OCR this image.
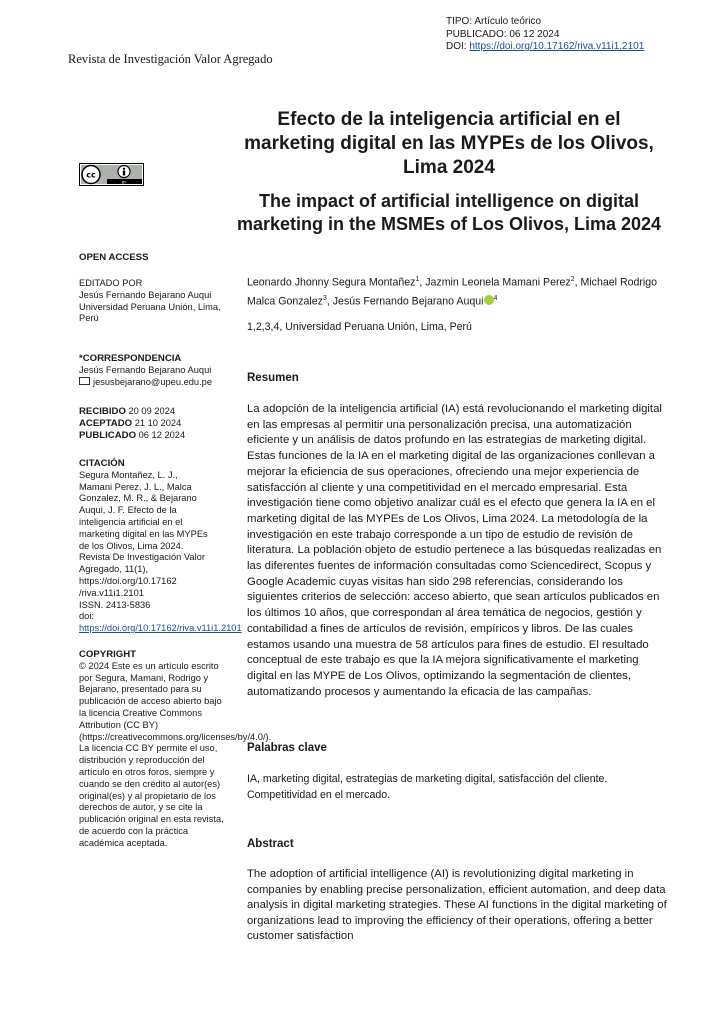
TIPO: Artículo teórico
PUBLICADO: 06 12 2024
DOI: https://doi.org/10.17162/riva.v11i1.2101
Revista de Investigación Valor Agregado
cc
BY
Efecto de la inteligencia artificial en el marketing digital en las MYPEs de los Olivos, Lima 2024
The impact of artificial intelligence on digital marketing in the MSMEs of Los Olivos, Lima 2024
Leonardo Jhonny Segura Montañez$^1$, Jazmin Leonela Mamani Perez$^2$, Michael Rodrigo Malca Gonzalez$^3$, Jesús Fernando Bejarano Auqui $^4$
1,2,3,4, Universidad Peruana Unión, Lima, Perú
Resumen
La adopción de la inteligencia artificial (IA) está revolucionando el marketing digital en las empresas al permitir una personalización precisa, una automatización eficiente y un análisis de datos profundo en las estrategias de marketing digital. Estas funciones de la IA en el marketing digital de las organizaciones conllevan a mejorar la eficiencia de sus operaciones, ofreciendo una mejor experiencia de satisfacción al cliente y una competitividad en el mercado empresarial. Esta investigación tiene como objetivo analizar cuál es el efecto que genera la IA en el marketing digital de las MYPEs de Los Olivos, Lima 2024. La metodología de la investigación en este trabajo corresponde a un tipo de estudio de revisión de literatura. La población objeto de estudio pertenece a las búsquedas realizadas en las diferentes fuentes de información consultadas como Sciencedirect, Scopus y Google Academic cuyas visitas han sido 298 referencias, considerando los siguientes criterios de selección: acceso abierto, que sean artículos publicados en los últimos 10 años, que correspondan al área temática de negocios, gestión y contabilidad a fines de artículos de revisión, empíricos y libros. De las cuales estamos usando una muestra de 58 artículos para fines de estudio. El resultado conceptual de este trabajo es que la IA mejora significativamente el marketing digital en las MYPE de Los Olivos, optimizando la segmentación de clientes, automatizando procesos y aumentando la eficacia de las campañas.
Palabras clave
IA, marketing digital, estrategias de marketing digital, satisfacción del cliente. Competitividad en el mercado.
Abstract
The adoption of artificial intelligence (AI) is revolutionizing digital marketing in companies by enabling precise personalization, efficient automation, and deep data analysis in digital marketing strategies. These AI functions in the digital marketing of organizations lead to improving the efficiency of their operations, offering a better customer satisfaction
OPEN ACCESS
EDITADO POR
Jesús Fernando Bejarano Auqui Universidad Peruana Unión, Lima, Perú
*CORRESPONDENCIA
Jesús Fernando Bejarano Auqui
jesusbejarano@upeu.edu.pe
RECIBIDO 20 09 2024
ACEPTADO 21 10 2024
PUBLICADO 06 12 2024
CITACIÓN
Segura Montañez, L. J., Mamani Perez, J. L., Malca Gonzalez, M. R., & Bejarano Auqui, J. F. Efecto de la inteligencia artificial en el marketing digital en las MYPEs de los Olivos, Lima 2024. Revista De Investigación Valor Agregado, 11(1), https://doi.org/10.17162 /riva.v11i1.2101
ISSN. 2413-5836
doi: https://doi.org/10.17162/riva.v11i1.2101
COPYRIGHT
© 2024 Este es un artículo escrito por Segura, Mamani, Rodrigo y Bejarano, presentado para su publicación de acceso abierto bajo la licencia Creative Commons Attribution (CC BY) (https://creativecommons.org/licenses/by/4.0/). La licencia CC BY permite el uso, distribución y reproducción del artículo en otros foros, siempre y cuando se den crédito al autor(es) original(es) y al propietario de los derechos de autor, y se cite la publicación original en esta revista, de acuerdo con la práctica académica aceptada.
